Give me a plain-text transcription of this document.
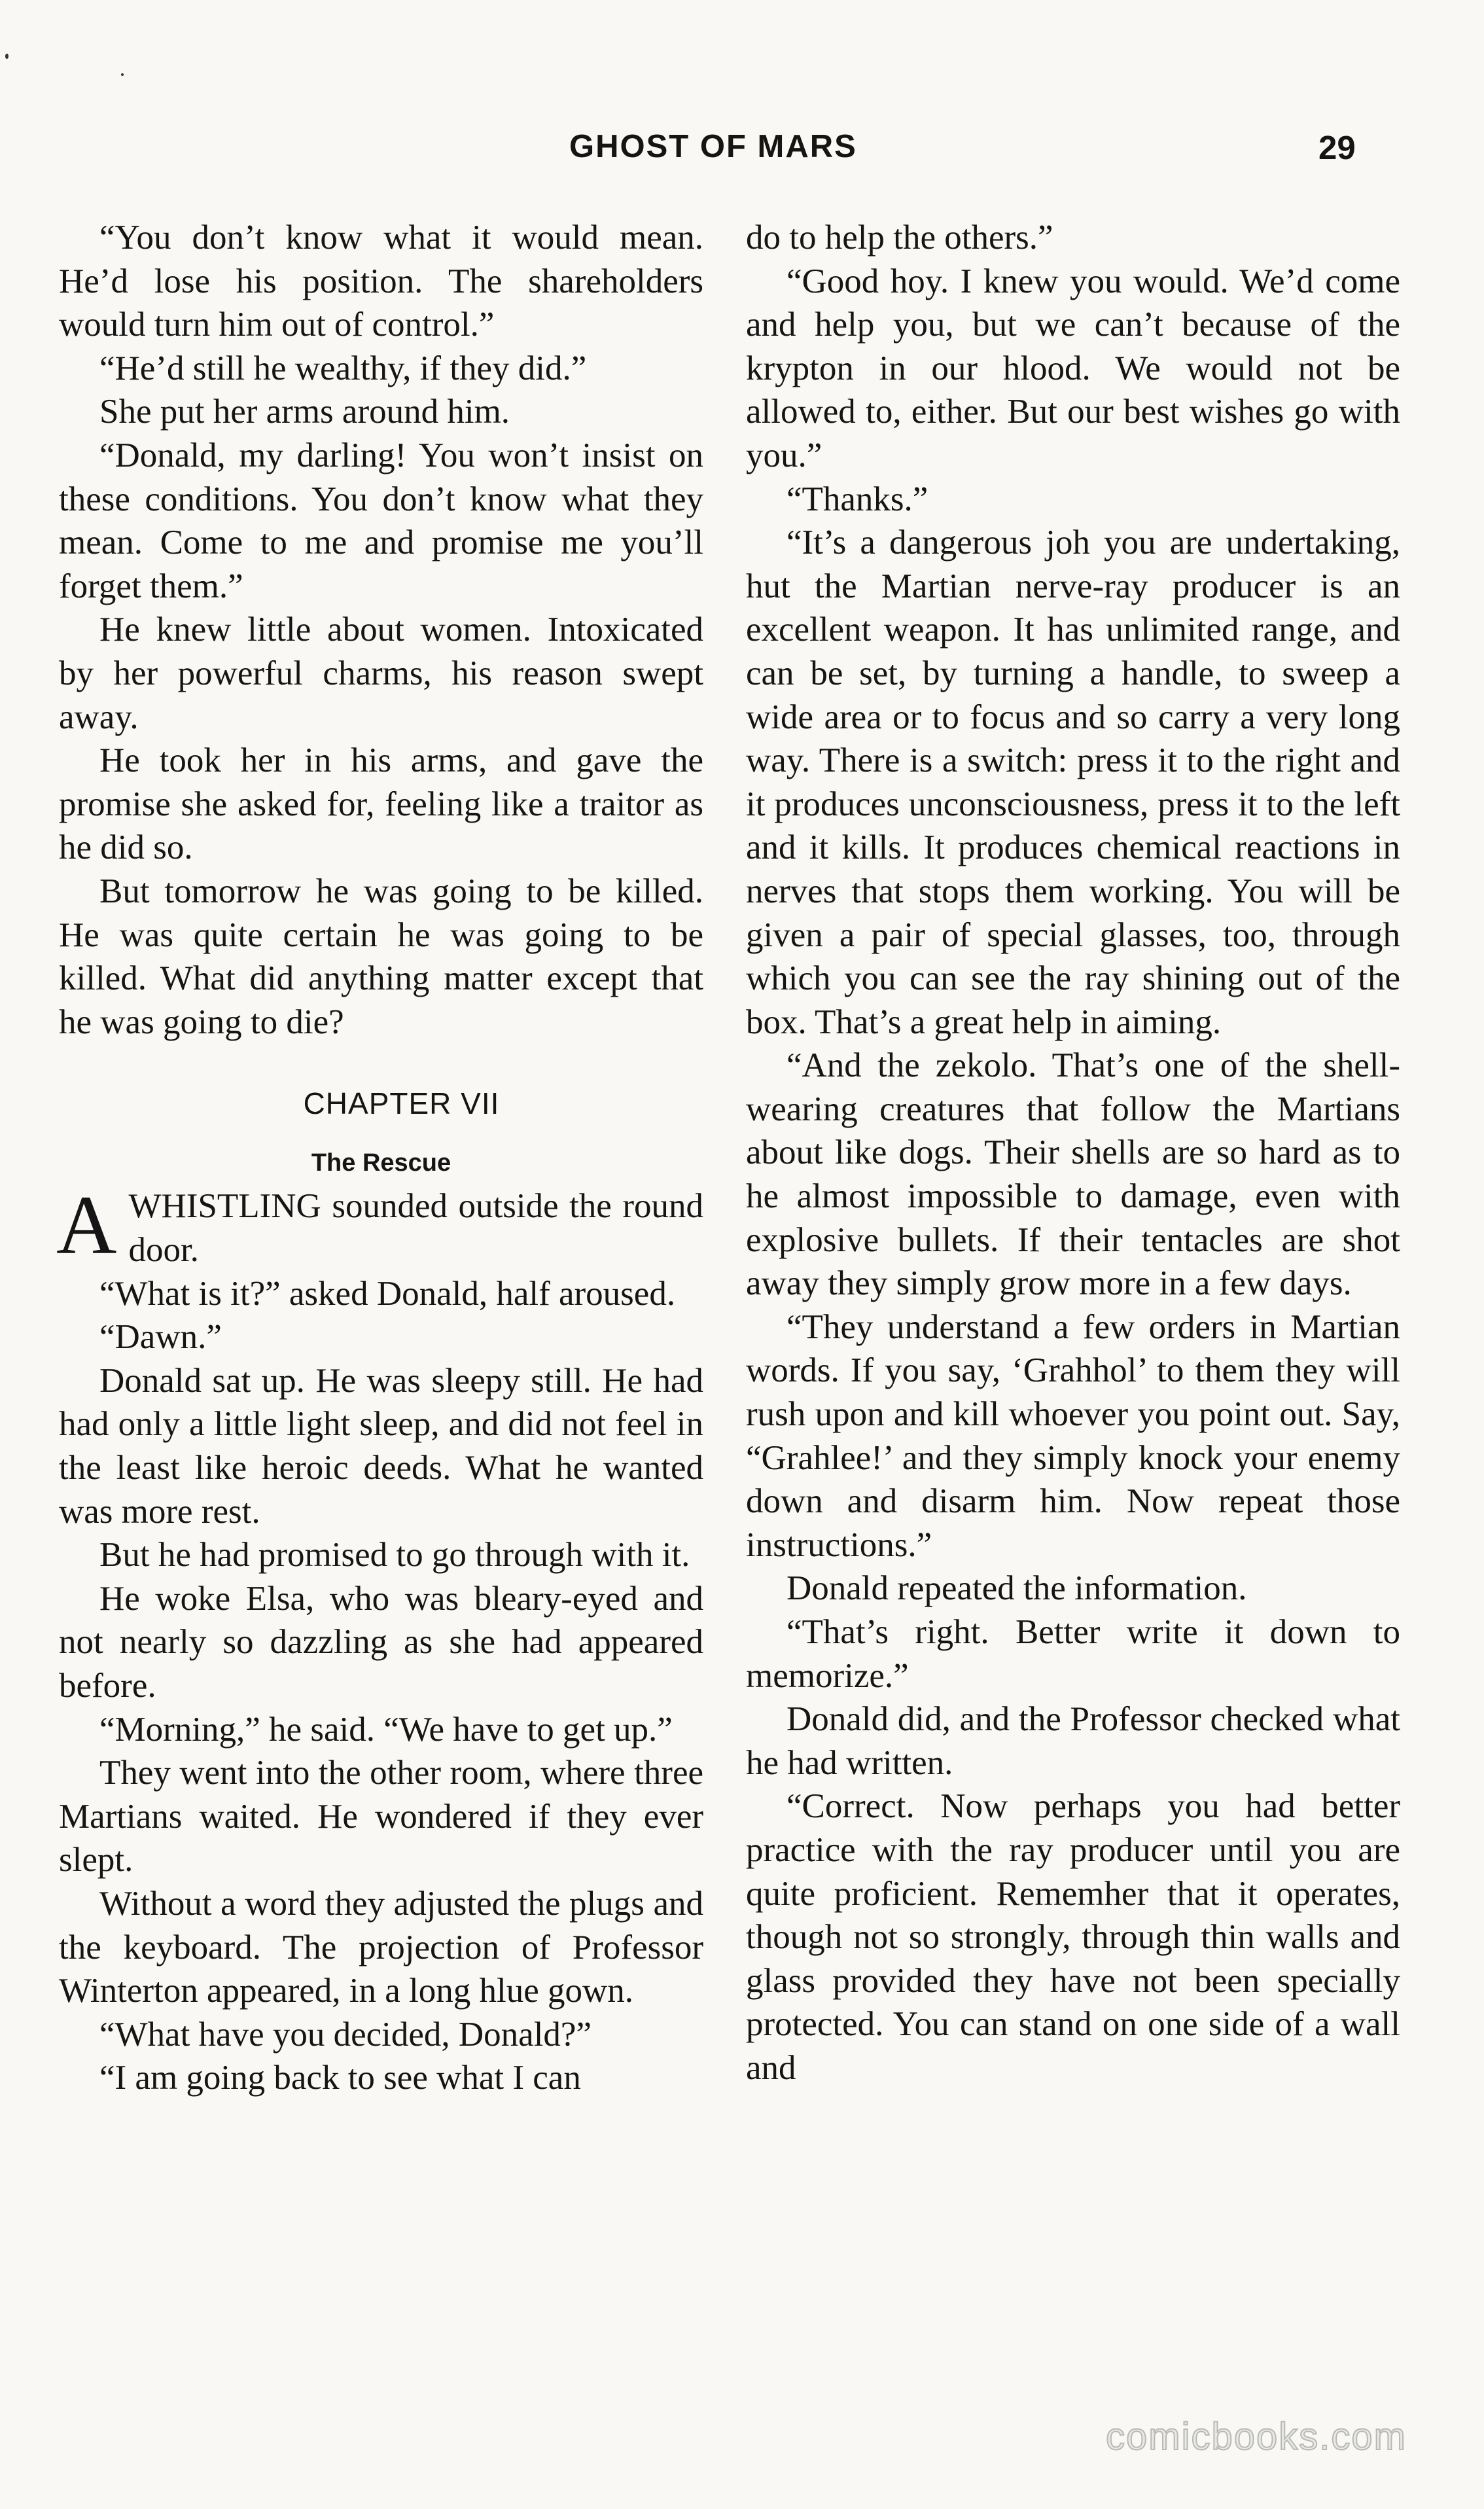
GHOST OF MARS	29

“You don’t know what it would mean. He’d lose his position. The shareholders would turn him out of control.”

“He’d still he wealthy, if they did.”

She put her arms around him.

“Donald, my darling! You won’t insist on these conditions. You don’t know what they mean. Come to me and promise me you’ll forget them.”

He knew little about women. Intoxicated by her powerful charms, his reason swept away.

He took her in his arms, and gave the promise she asked for, feeling like a traitor as he did so.

But tomorrow he was going to be killed. He was quite certain he was going to be killed. What did anything matter except that he was going to die?

CHAPTER VII

The Rescue

A WHISTLING sounded outside the round door.

“What is it?” asked Donald, half aroused.

“Dawn.”

Donald sat up. He was sleepy still. He had had only a little light sleep, and did not feel in the least like heroic deeds. What he wanted was more rest.

But he had promised to go through with it.

He woke Elsa, who was bleary-eyed and not nearly so dazzling as she had appeared before.

“Morning,” he said. “We have to get up.”

They went into the other room, where three Martians waited. He wondered if they ever slept.

Without a word they adjusted the plugs and the keyboard. The projection of Professor Winterton appeared, in a long hlue gown.

“What have you decided, Donald?”

“I am going back to see what I can

do to help the others.”

“Good hoy. I knew you would. We’d come and help you, but we can’t because of the krypton in our hlood. We would not be allowed to, either. But our best wishes go with you.”

“Thanks.”

“It’s a dangerous joh you are undertaking, hut the Martian nerve-ray producer is an excellent weapon. It has unlimited range, and can be set, by turning a handle, to sweep a wide area or to focus and so carry a very long way. There is a switch: press it to the right and it produces unconsciousness, press it to the left and it kills. It produces chemical reactions in nerves that stops them working. You will be given a pair of special glasses, too, through which you can see the ray shining out of the box. That’s a great help in aiming.

“And the zekolo. That’s one of the shell-wearing creatures that follow the Martians about like dogs. Their shells are so hard as to he almost impossible to damage, even with explosive bullets. If their tentacles are shot away they simply grow more in a few days.

“They understand a few orders in Martian words. If you say, ‘Grahhol’ to them they will rush upon and kill whoever you point out. Say, “Grahlee!’ and they simply knock your enemy down and disarm him. Now repeat those instructions.”

Donald repeated the information.

“That’s right. Better write it down to memorize.”

Donald did, and the Professor checked what he had written.

“Correct. Now perhaps you had better practice with the ray producer until you are quite proficient. Rememher that it operates, though not so strongly, through thin walls and glass provided they have not been specially protected. You can stand on one side of a wall and

comicbooks.com
